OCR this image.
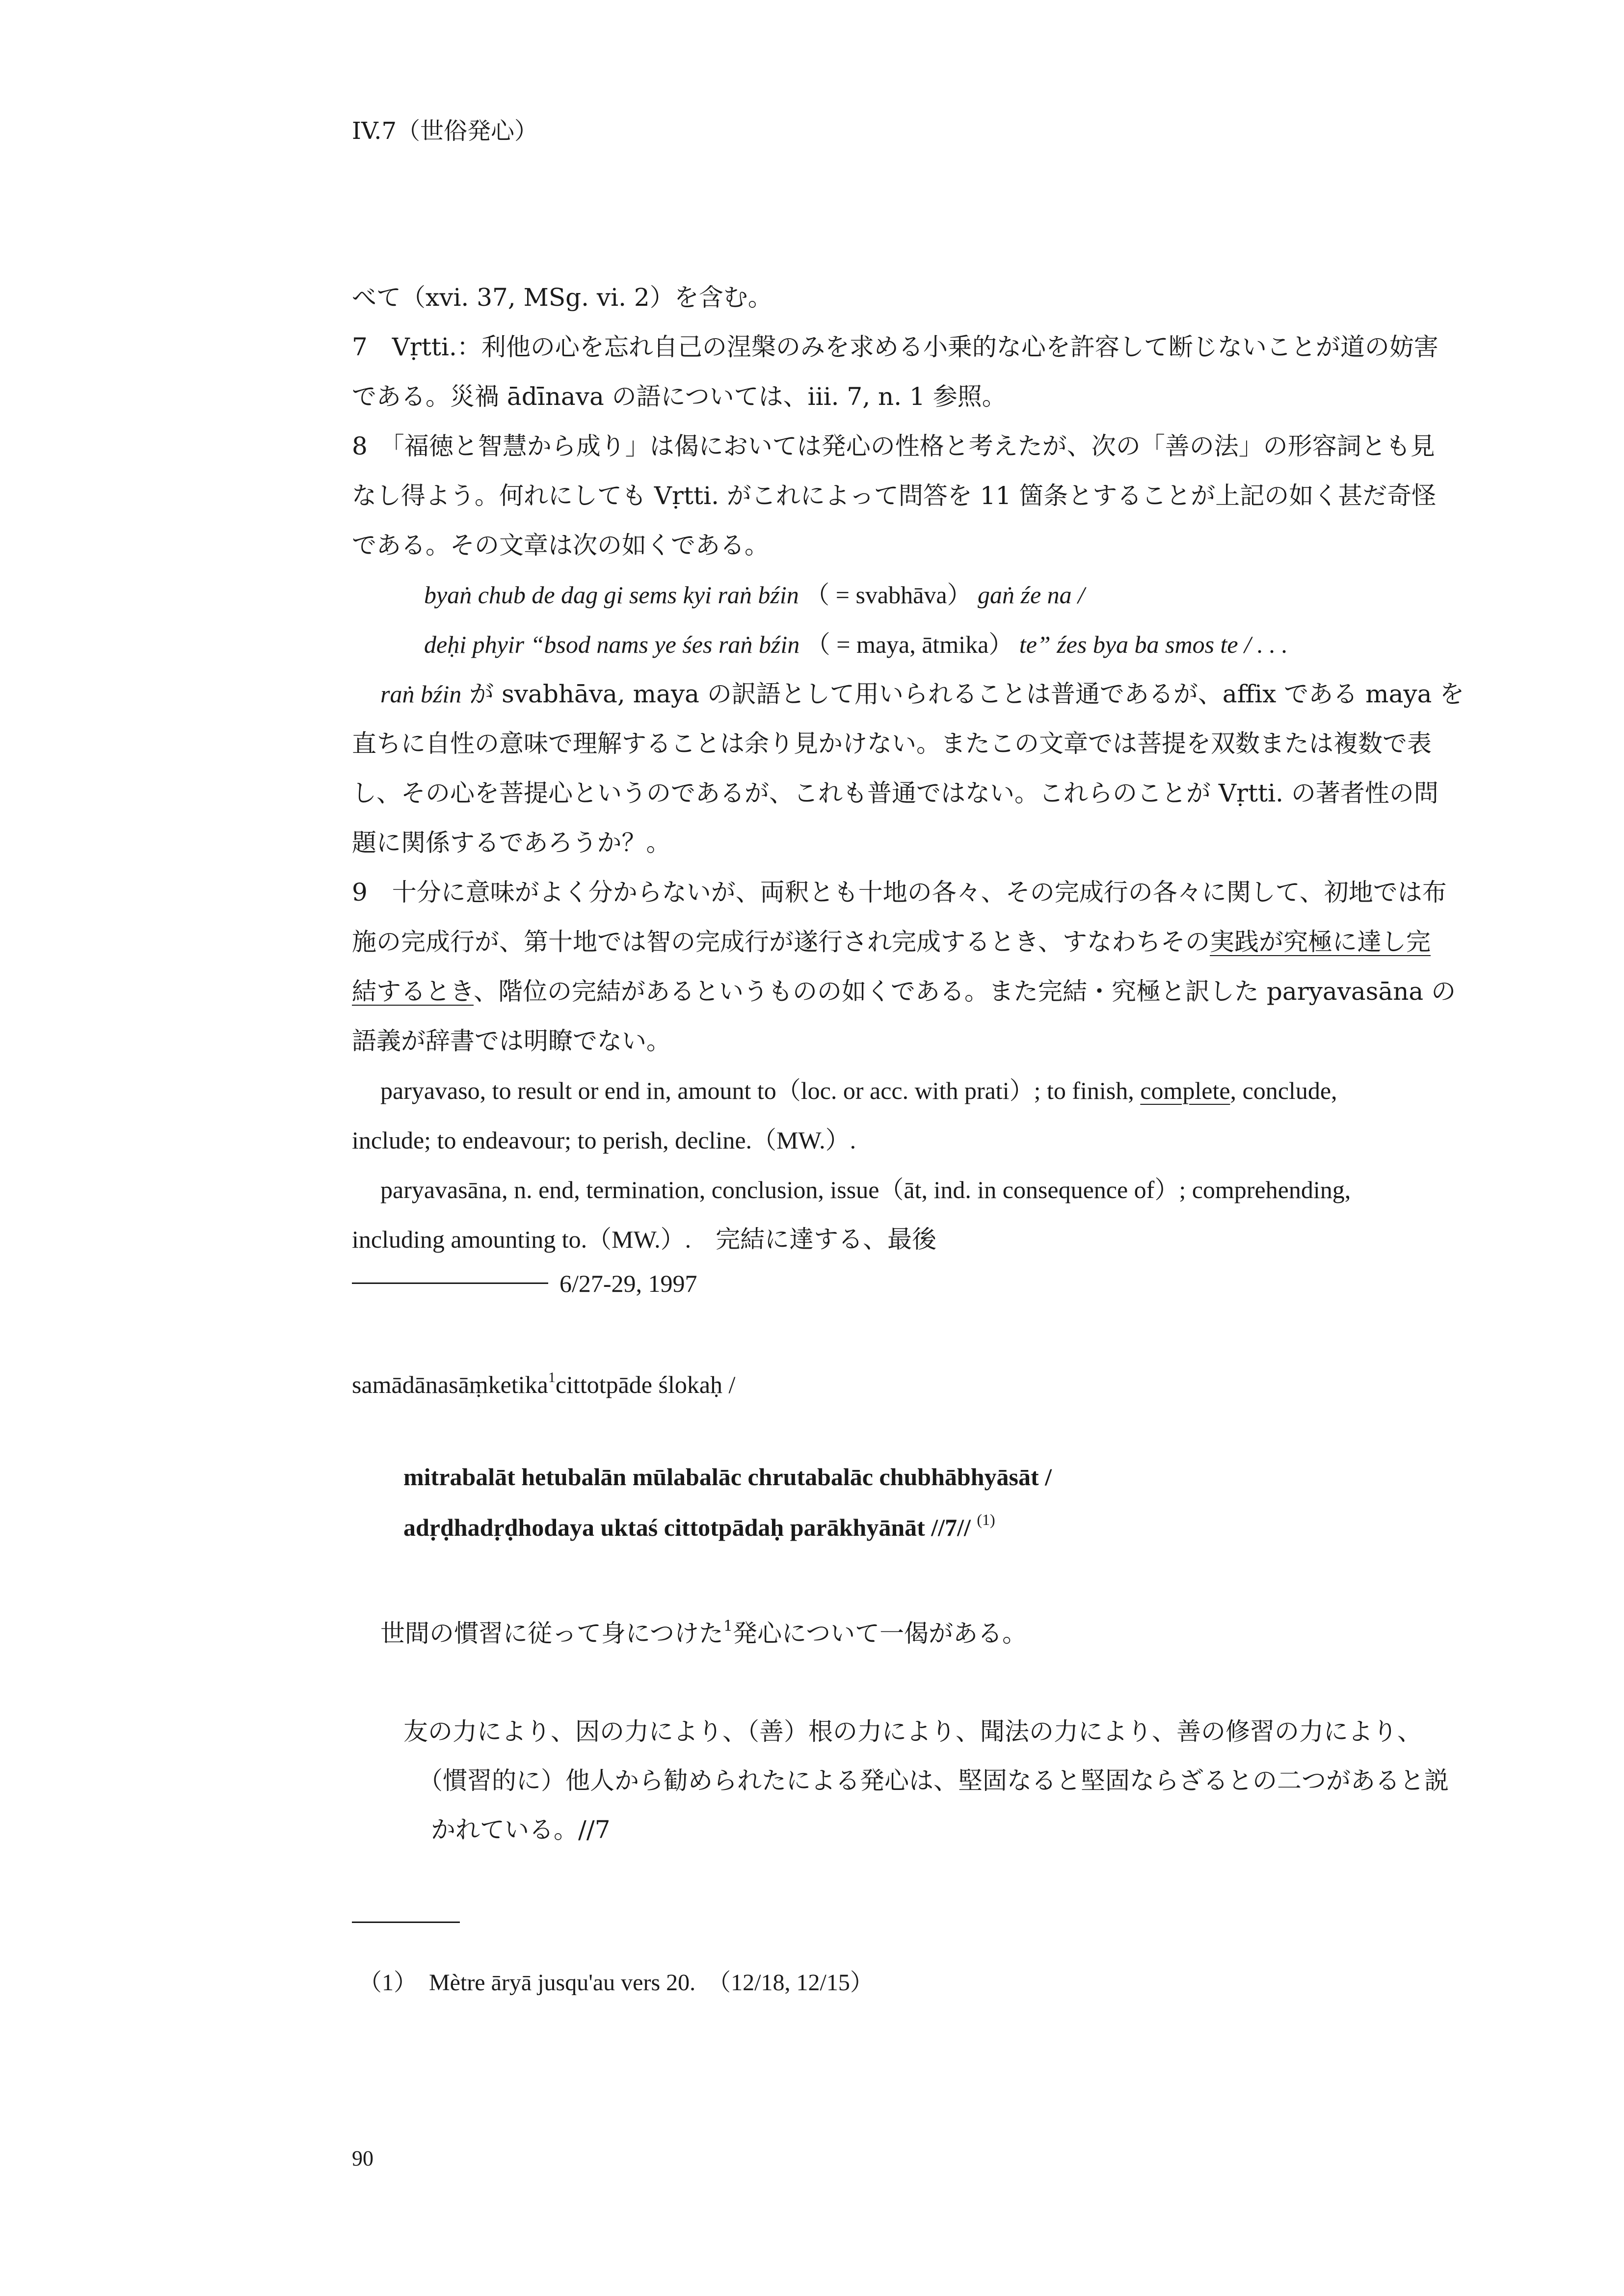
IV.7（世俗発心）
べて（xvi. 37, MSg. vi. 2）を含む。
7　Vṛtti.：利他の心を忘れ自己の涅槃のみを求める小乗的な心を許容して断じないことが道の妨害
である。災禍 ādīnava の語については、iii. 7, n. 1 参照。
8　「福徳と智慧から成り」は偈においては発心の性格と考えたが、次の「善の法」の形容詞とも見
なし得よう。何れにしても Vṛtti. がこれによって問答を 11 箇条とすることが上記の如く甚だ奇怪
である。その文章は次の如くである。
byaṅ chub de dag gi sems kyi raṅ bźin （ = svabhāva） gaṅ źe na /
deḥi phyir “bsod nams ye śes raṅ bźin （ = maya, ātmika） te” źes bya ba smos te / . . .
raṅ bźin が svabhāva, maya の訳語として用いられることは普通であるが、affix である maya を
直ちに自性の意味で理解することは余り見かけない。またこの文章では菩提を双数または複数で表
し、その心を菩提心というのであるが、これも普通ではない。これらのことが Vṛtti. の著者性の問
題に関係するであろうか？。
9　十分に意味がよく分からないが、両釈とも十地の各々、その完成行の各々に関して、初地では布
施の完成行が、第十地では智の完成行が遂行され完成するとき、すなわちその実践が究極に達し完
結するとき、階位の完結があるというものの如くである。また完結・究極と訳した paryavasāna の
語義が辞書では明瞭でない。
paryavaso, to result or end in, amount to（loc. or acc. with prati）; to finish, complete, conclude,
include; to endeavour; to perish, decline.（MW.）.
paryavasāna, n. end, termination, conclusion, issue（āt, ind. in consequence of）; comprehending,
including amounting to.（MW.）.　完結に達する、最後
6/27-29, 1997
samādānasāṃketika$^1$cittotpāde ślokaḥ /
mitrabalāt hetubalān mūlabalāc chrutabalāc chubhābhyāsāt /
adṛḍhadṛḍhodaya uktaś cittotpādaḥ parākhyānāt //7// $^{(1)}$
世間の慣習に従って身につけた$^1$発心について一偈がある。
友の力により、因の力により、（善）根の力により、聞法の力により、善の修習の力により、
（慣習的に）他人から勧められたによる発心は、堅固なると堅固ならざるとの二つがあると説
かれている。//7
（1）　Mètre āryā jusqu'au vers 20.　（12/18, 12/15）
90
